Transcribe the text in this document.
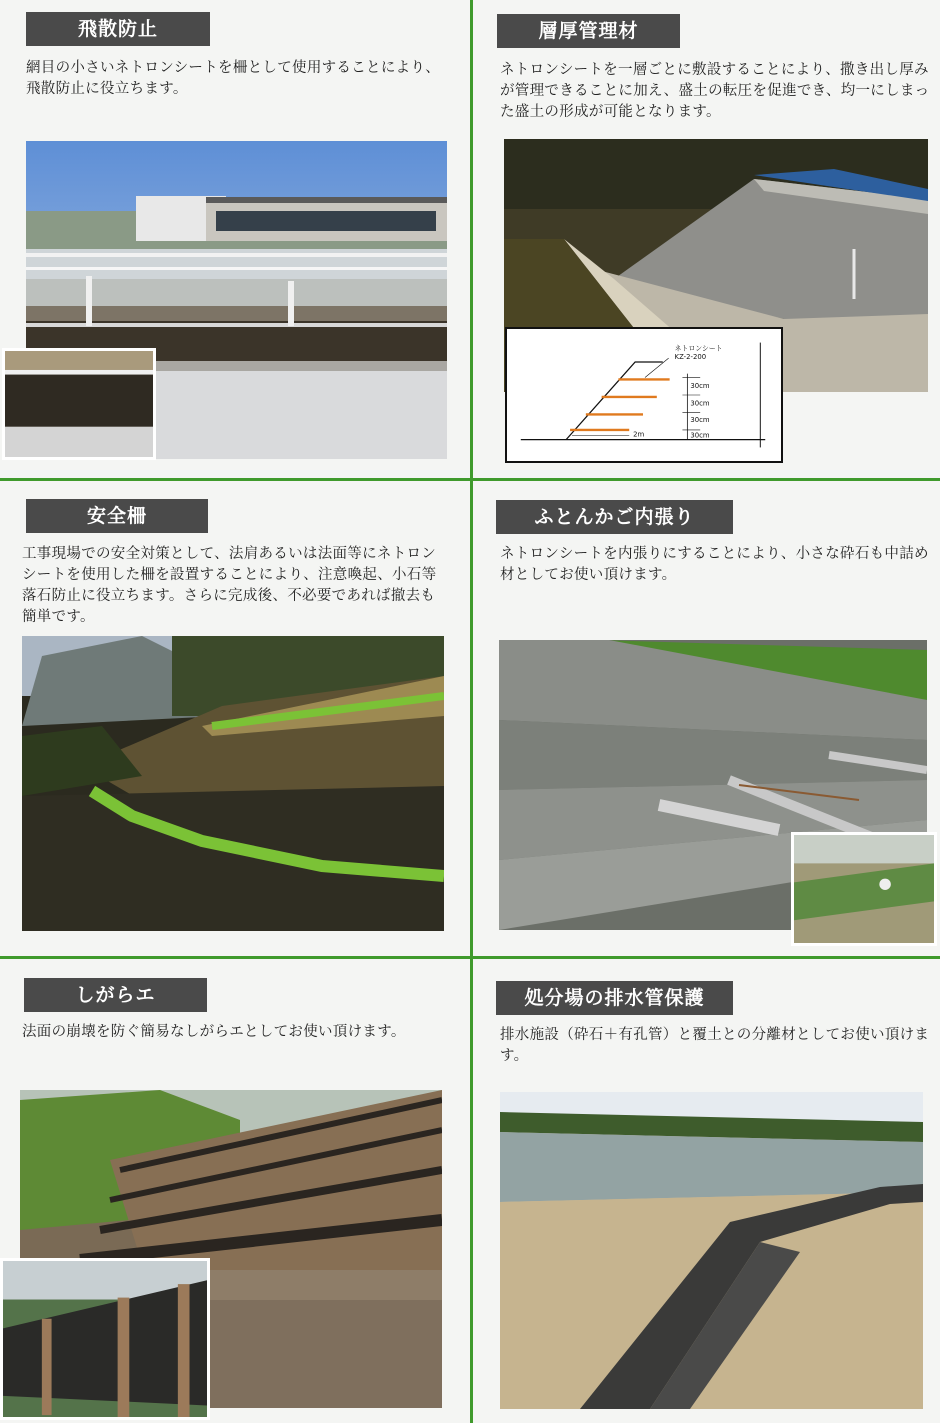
飛散防止

網目の小さいネトロンシートを柵として使用することにより、飛散防止に役立ちます。

層厚管理材

ネトロンシートを一層ごとに敷設することにより、撒き出し厚みが管理できることに加え、盛土の転圧を促進でき、均一にしまった盛土の形成が可能となります。

ネトロンシート
KZ-2-200
30cm
30cm
30cm
30cm
2m
安全柵

工事現場での安全対策として、法肩あるいは法面等にネトロンシートを使用した柵を設置することにより、注意喚起、小石等落石防止に役立ちます。さらに完成後、不必要であれば撤去も簡単です。

ふとんかご内張り

ネトロンシートを内張りにすることにより、小さな砕石も中詰め材としてお使い頂けます。

しがらエ

法面の崩壊を防ぐ簡易なしがらエとしてお使い頂けます。

処分場の排水管保護

排水施設（砕石＋有孔管）と覆土との分離材としてお使い頂けます。
